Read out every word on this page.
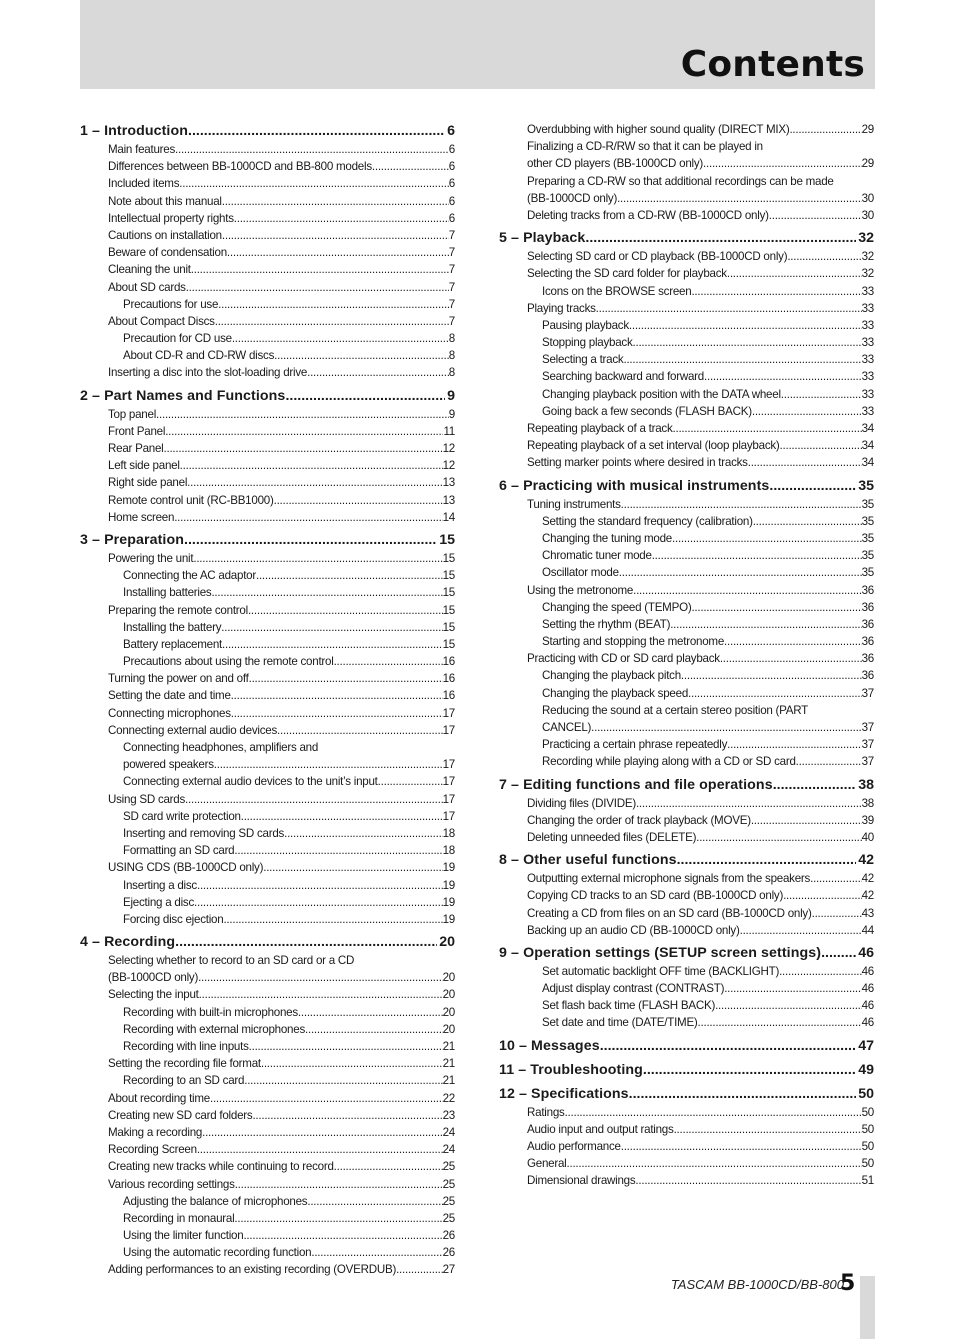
Contents
1 – Introduction .....	6
Main features .....	6
Differences between BB-1000CD and BB-800 models .....	6
Included items .....	6
Note about this manual .....	6
Intellectual property rights .....	6
Cautions on installation .....	7
Beware of condensation .....	7
Cleaning the unit .....	7
About SD cards .....	7
Precautions for use .....	7
About Compact Discs .....	7
Precaution for CD use .....	8
About CD-R and CD-RW discs .....	8
Inserting a disc into the slot-loading drive .....	8
2 – Part Names and Functions .....	9
Top panel .....	9
Front Panel .....	11
Rear Panel .....	12
Left side panel .....	12
Right side panel .....	13
Remote control unit (RC-BB1000) .....	13
Home screen .....	14
3 – Preparation .....	15
Powering the unit .....	15
Connecting the AC adaptor .....	15
Installing batteries .....	15
Preparing the remote control .....	15
Installing the battery .....	15
Battery replacement .....	15
Precautions about using the remote control .....	16
Turning the power on and off .....	16
Setting the date and time .....	16
Connecting microphones .....	17
Connecting external audio devices .....	17
Connecting headphones, amplifiers and
powered speakers .....	17
Connecting external audio devices to the unit’s input .....	17
Using SD cards .....	17
SD card write protection .....	17
Inserting and removing SD cards .....	18
Formatting an SD card .....	18
USING CDS (BB-1000CD only) .....	19
Inserting a disc .....	19
Ejecting a disc .....	19
Forcing disc ejection .....	19
4 – Recording .....	20
Selecting whether to record to an SD card or a CD
(BB-1000CD only) .....	20
Selecting the input .....	20
Recording with built-in microphones .....	20
Recording with external microphones .....	20
Recording with line inputs .....	21
Setting the recording file format .....	21
Recording to an SD card .....	21
About recording time .....	22
Creating new SD card folders .....	23
Making a recording .....	24
Recording Screen .....	24
Creating new tracks while continuing to record .....	25
Various recording settings .....	25
Adjusting the balance of microphones .....	25
Recording in monaural .....	25
Using the limiter function .....	26
Using the automatic recording function .....	26
Adding performances to an existing recording (OVERDUB) .....	27
Overdubbing with higher sound quality (DIRECT MIX) .....	29
Finalizing a CD-R/RW so that it can be played in
other CD players (BB-1000CD only) .....	29
Preparing a CD-RW so that additional recordings can be made
(BB-1000CD only) .....	30
Deleting tracks from a CD-RW (BB-1000CD only) .....	30
5 – Playback .....	32
Selecting SD card or CD playback (BB-1000CD only) .....	32
Selecting the SD card folder for playback .....	32
Icons on the BROWSE screen .....	33
Playing tracks .....	33
Pausing playback .....	33
Stopping playback .....	33
Selecting a track .....	33
Searching backward and forward .....	33
Changing playback position with the DATA wheel .....	33
Going back a few seconds (FLASH BACK) .....	33
Repeating playback of a track .....	34
Repeating playback of a set interval (loop playback) .....	34
Setting marker points where desired in tracks .....	34
6 – Practicing with musical instruments .....	35
Tuning instruments .....	35
Setting the standard frequency (calibration) .....	35
Changing the tuning mode .....	35
Chromatic tuner mode .....	35
Oscillator mode .....	35
Using the metronome .....	36
Changing the speed (TEMPO) .....	36
Setting the rhythm (BEAT) .....	36
Starting and stopping the metronome .....	36
Practicing with CD or SD card playback .....	36
Changing the playback pitch .....	36
Changing the playback speed .....	37
Reducing the sound at a certain stereo position (PART
CANCEL) .....	37
Practicing a certain phrase repeatedly .....	37
Recording while playing along with a CD or SD card .....	37
7 – Editing functions and file operations .....	38
Dividing files (DIVIDE) .....	38
Changing the order of track playback (MOVE) .....	39
Deleting unneeded files (DELETE) .....	40
8 – Other useful functions .....	42
Outputting external microphone signals from the speakers .....	42
Copying CD tracks to an SD card (BB-1000CD only) .....	42
Creating a CD from files on an SD card (BB-1000CD only) .....	43
Backing up an audio CD (BB-1000CD only) .....	44
9 – Operation settings (SETUP screen settings) .....	46
Set automatic backlight OFF time (BACKLIGHT) .....	46
Adjust display contrast (CONTRAST) .....	46
Set flash back time (FLASH BACK) .....	46
Set date and time (DATE/TIME) .....	46
10 – Messages .....	47
11 – Troubleshooting .....	49
12 – Specifications .....	50
Ratings .....	50
Audio input and output ratings .....	50
Audio performance .....	50
General .....	50
Dimensional drawings .....	51
TASCAM BB-1000CD/BB-800
5
